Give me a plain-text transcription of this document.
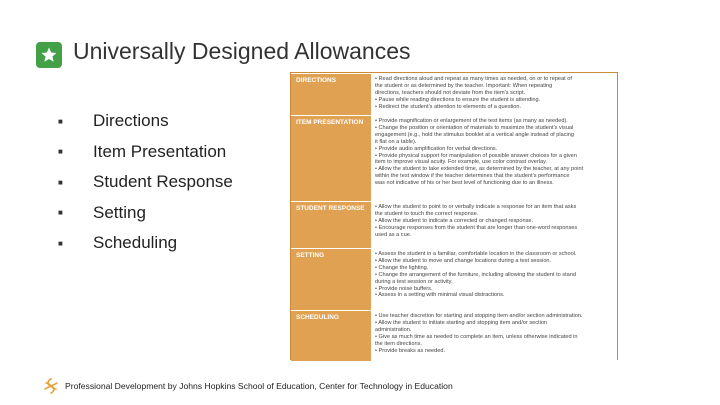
Universally Designed Allowances
■	Directions
■	Item Presentation
■	Student Response
■	Setting
■	Scheduling
DIRECTIONS	• Read directions aloud and repeat as many times as needed, on or to repeat of
the student or as determined by the teacher. Important: When repeating
directions, teachers should not deviate from the item's script.
• Pause while reading directions to ensure the student is attending.
• Redirect the student's attention to elements of a question.
ITEM PRESENTATION	• Provide magnification or enlargement of the test items (as many as needed).
• Change the position or orientation of materials to maximize the student's visual
engagement (e.g., hold the stimulus booklet at a vertical angle instead of placing
it flat on a table).
• Provide audio amplification for verbal directions.
• Provide physical support for manipulation of possible answer choices for a given
item to improve visual acuity. For example, use color contrast overlay.
• Allow the student to take extended time, as determined by the teacher, at any point
within the test window if the teacher determines that the student's performance
was not indicative of his or her best level of functioning due to an illness.
STUDENT RESPONSE	• Allow the student to point to or verbally indicate a response for an item that asks
the student to touch the correct response.
• Allow the student to indicate a corrected or changed response.
• Encourage responses from the student that are longer than one-word responses
used as a cue.
SETTING	• Assess the student in a familiar, comfortable location in the classroom or school.
• Allow the student to move and change locations during a test session.
• Change the lighting.
• Change the arrangement of the furniture, including allowing the student to stand
during a test session or activity.
• Provide noise buffers.
• Assess in a setting with minimal visual distractions.
SCHEDULING	• Use teacher discretion for starting and stopping item and/or section administration.
• Allow the student to initiate starting and stopping item and/or section
administration.
• Give as much time as needed to complete an item, unless otherwise indicated in
the item directions.
• Provide breaks as needed.
Professional Development by Johns Hopkins School of Education, Center for Technology in Education
